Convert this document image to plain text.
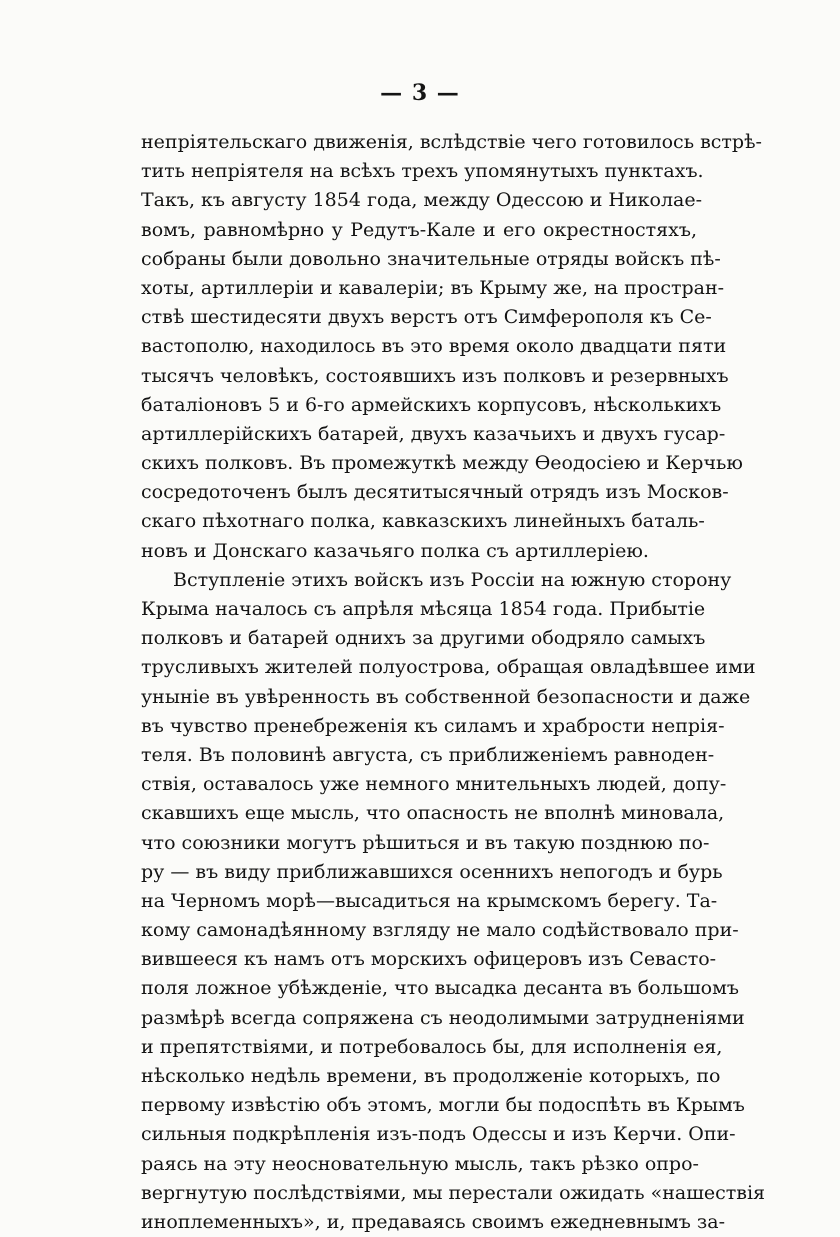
— 3 —
непріятельскаго движенія, вслѣдствіе чего готовилось встрѣ-
тить непріятеля на всѣхъ трехъ упомянутыхъ пунктахъ.
Такъ, къ августу 1854 года, между Одессою и Николае-
вомъ, равномѣрно у Редутъ-Кале и его окрестностяхъ,
собраны были довольно значительные отряды войскъ пѣ-
хоты, артиллеріи и кавалеріи; въ Крыму же, на простран-
ствѣ шестидесяти двухъ верстъ отъ Симферополя къ Се-
вастополю, находилось въ это время около двадцати пяти
тысячъ человѣкъ, состоявшихъ изъ полковъ и резервныхъ
баталіоновъ 5 и 6-го армейскихъ корпусовъ, нѣсколькихъ
артиллерійскихъ батарей, двухъ казачьихъ и двухъ гусар-
скихъ полковъ. Въ промежуткѣ между Ѳеодосіею и Керчью
сосредоточенъ былъ десятитысячный отрядъ изъ Москов-
скаго пѣхотнаго полка, кавказскихъ линейныхъ баталь-
новъ и Донскаго казачьяго полка съ артиллеріею.
Вступленіе этихъ войскъ изъ Россіи на южную сторону
Крыма началось съ апрѣля мѣсяца 1854 года. Прибытіе
полковъ и батарей однихъ за другими ободряло самыхъ
трусливыхъ жителей полуострова, обращая овладѣвшее ими
уныніе въ увѣренность въ собственной безопасности и даже
въ чувство пренебреженія къ силамъ и храбрости непрія-
теля. Въ половинѣ августа, съ приближеніемъ равноден-
ствія, оставалось уже немного мнительныхъ людей, допу-
скавшихъ еще мысль, что опасность не вполнѣ миновала,
что союзники могутъ рѣшиться и въ такую позднюю по-
ру — въ виду приближавшихся осеннихъ непогодъ и бурь
на Черномъ морѣ—высадиться на крымскомъ берегу. Та-
кому самонадѣянному взгляду не мало содѣйствовало при-
вившееся къ намъ отъ морскихъ офицеровъ изъ Севасто-
поля ложное убѣжденіе, что высадка десанта въ большомъ
размѣрѣ всегда сопряжена съ неодолимыми затрудненіями
и препятствіями, и потребовалось бы, для исполненія ея,
нѣсколько недѣль времени, въ продолженіе которыхъ, по
первому извѣстію объ этомъ, могли бы подоспѣть въ Крымъ
сильныя подкрѣпленія изъ-подъ Одессы и изъ Керчи. Опи-
раясь на эту неосновательную мысль, такъ рѣзко опро-
вергнутую послѣдствіями, мы перестали ожидать «нашествія
иноплеменныхъ», и, предаваясь своимъ ежедневнымъ за-
